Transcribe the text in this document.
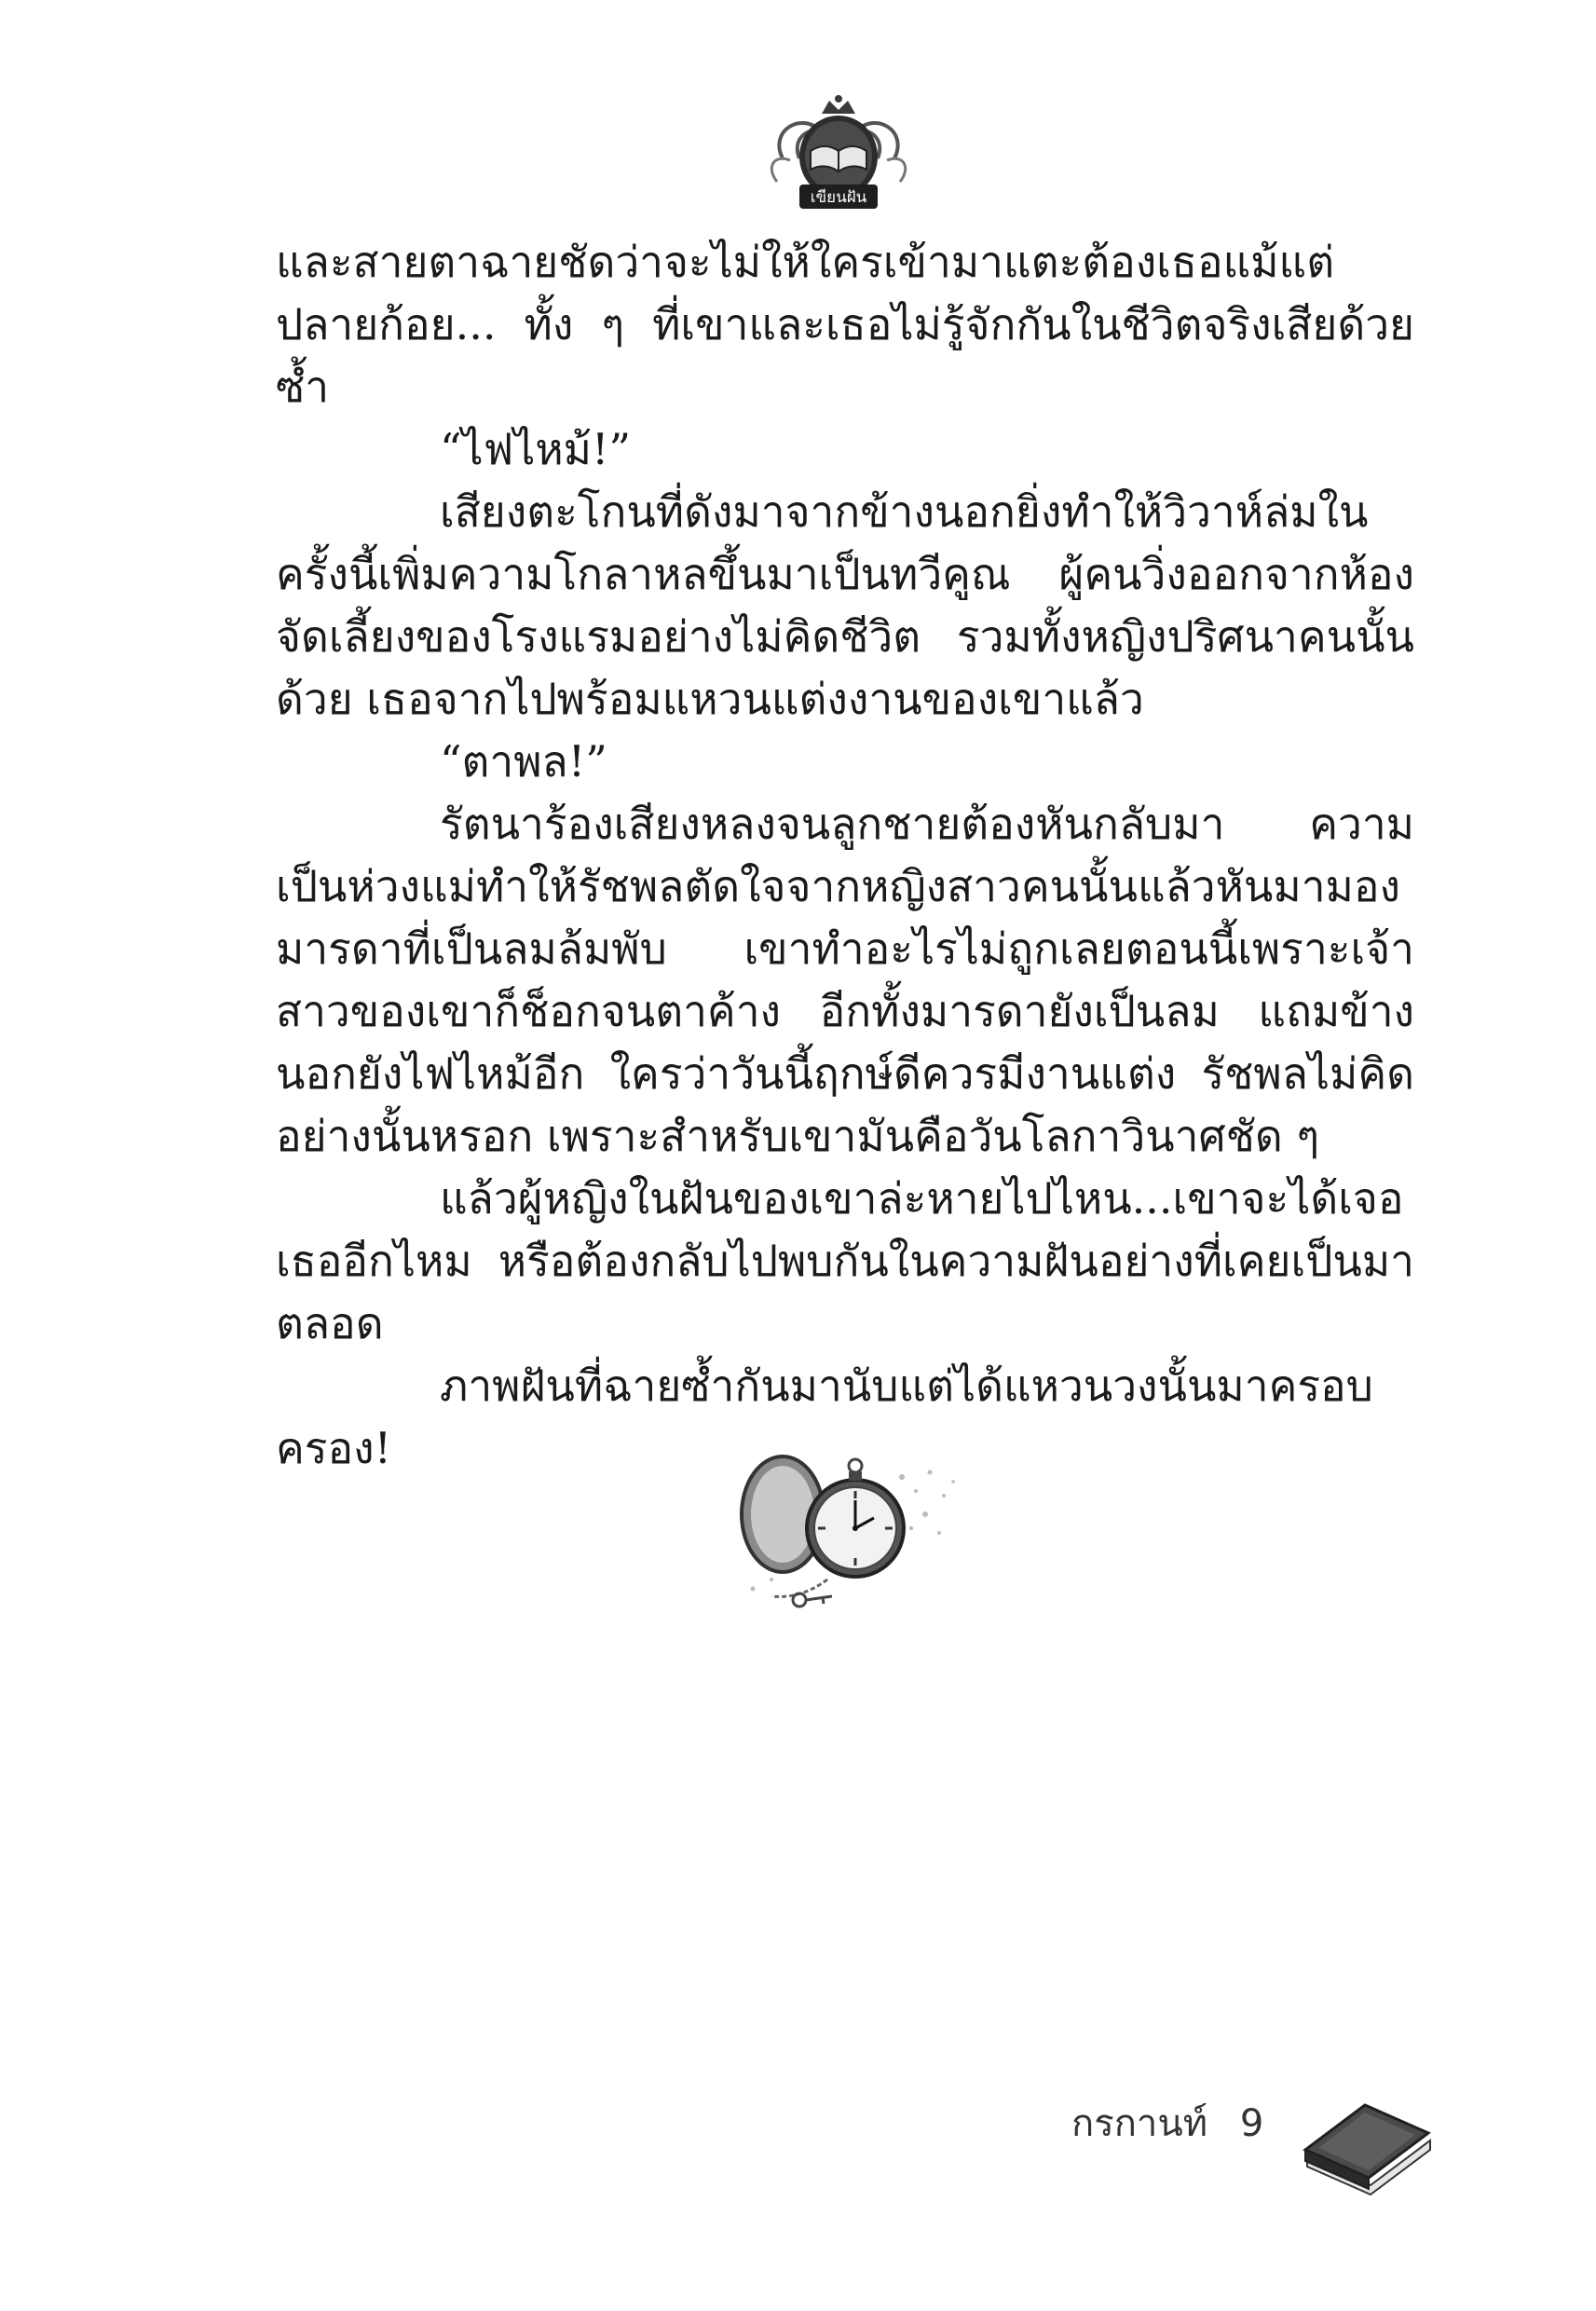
เขียนฝัน

และสายตาฉายชัดว่าจะไม่ให้ใครเข้ามาแตะต้องเธอแม้แต่ปลายก้อย... ทั้ง ๆ ที่เขาและเธอไม่รู้จักกันในชีวิตจริงเสียด้วยซ้ำ

“ไฟไหม้!”

เสียงตะโกนที่ดังมาจากข้างนอกยิ่งทำให้วิวาห์ล่มในครั้งนี้เพิ่มความโกลาหลขึ้นมาเป็นทวีคูณ ผู้คนวิ่งออกจากห้องจัดเลี้ยงของโรงแรมอย่างไม่คิดชีวิต รวมทั้งหญิงปริศนาคนนั้นด้วย เธอจากไปพร้อมแหวนแต่งงานของเขาแล้ว

“ตาพล!”

รัตนาร้องเสียงหลงจนลูกชายต้องหันกลับมา ความเป็นห่วงแม่ทำให้รัชพลตัดใจจากหญิงสาวคนนั้นแล้วหันมามองมารดาที่เป็นลมล้มพับ เขาทำอะไรไม่ถูกเลยตอนนี้เพราะเจ้าสาวของเขาก็ช็อกจนตาค้าง อีกทั้งมารดายังเป็นลม แถมข้างนอกยังไฟไหม้อีก ใครว่าวันนี้ฤกษ์ดีควรมีงานแต่ง รัชพลไม่คิดอย่างนั้นหรอก เพราะสำหรับเขามันคือวันโลกาวินาศชัด ๆ

แล้วผู้หญิงในฝันของเขาล่ะหายไปไหน...เขาจะได้เจอเธออีกไหม หรือต้องกลับไปพบกันในความฝันอย่างที่เคยเป็นมาตลอด

ภาพฝันที่ฉายซ้ำกันมานับแต่ได้แหวนวงนั้นมาครอบครอง!

กรกานท์ 9
